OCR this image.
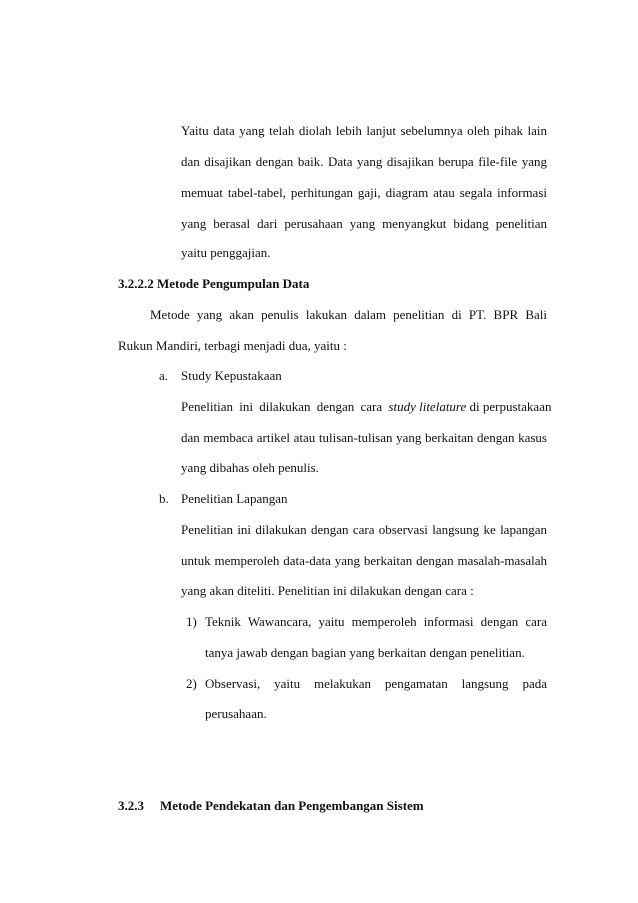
Yaitu data yang telah diolah lebih lanjut sebelumnya oleh pihak lain
dan disajikan dengan baik. Data yang disajikan berupa file-file yang
memuat tabel-tabel, perhitungan gaji, diagram atau segala informasi
yang berasal dari perusahaan yang menyangkut bidang penelitian
yaitu penggajian.
3.2.2.2 Metode Pengumpulan Data
Metode yang akan penulis lakukan dalam penelitian di PT. BPR Bali
Rukun Mandiri, terbagi menjadi dua, yaitu :
a. Study Kepustakaan
Penelitian ini dilakukan dengan cara study litelature di perpustakaan
dan membaca artikel atau tulisan-tulisan yang berkaitan dengan kasus
yang dibahas oleh penulis.
b. Penelitian Lapangan
Penelitian ini dilakukan dengan cara observasi langsung ke lapangan
untuk memperoleh data-data yang berkaitan dengan masalah-masalah
yang akan diteliti. Penelitian ini dilakukan dengan cara :
1) Teknik Wawancara, yaitu memperoleh informasi dengan cara
tanya jawab dengan bagian yang berkaitan dengan penelitian.
2) Observasi, yaitu melakukan pengamatan langsung pada
perusahaan.
3.2.3 Metode Pendekatan dan Pengembangan Sistem
